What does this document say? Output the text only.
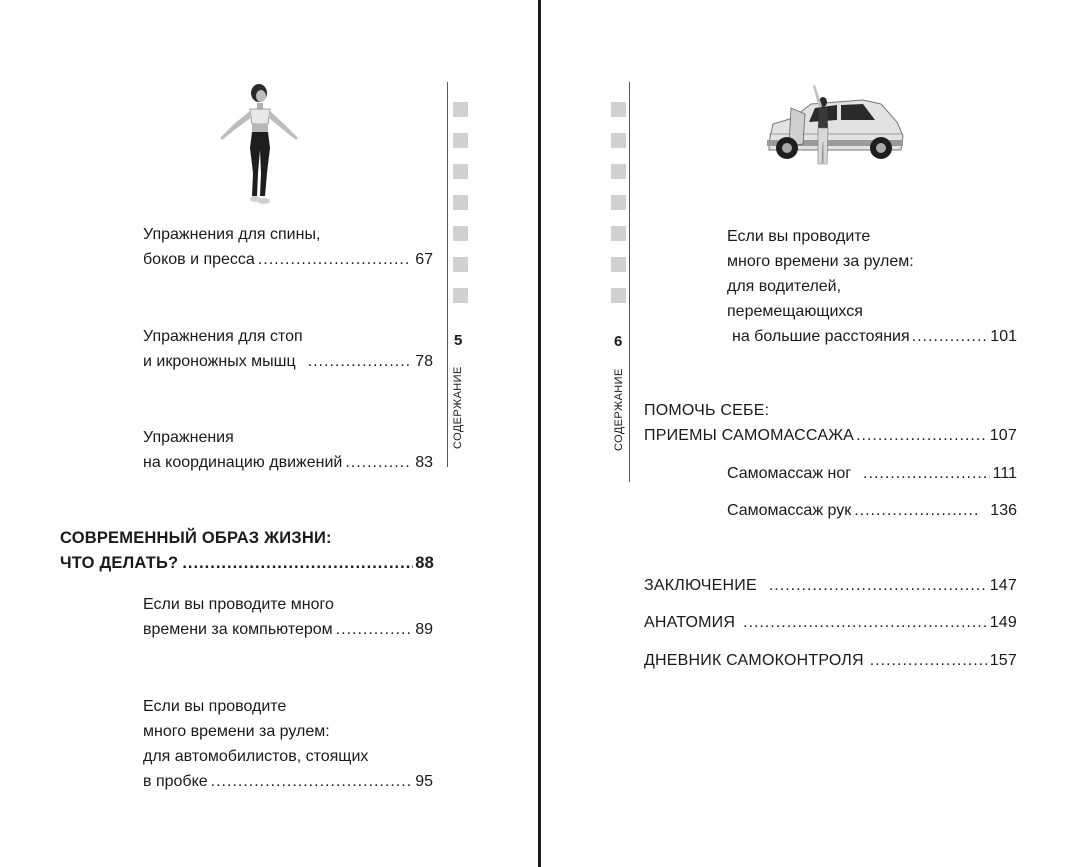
5
СОДЕРЖАНИЕ
Упражнения для спины,
боков и пресса .....	67
Упражнения для стоп
и икроножных мышц .....	78
Упражнения
на координацию движений .....	83
СОВРЕМЕННЫЙ ОБРАЗ ЖИЗНИ:
ЧТО ДЕЛАТЬ? .....	88
Если вы проводите много
времени за компьютером .....	89
Если вы проводите
много времени за рулем:
для автомобилистов, стоящих
в пробке .....	95
6
СОДЕРЖАНИЕ
Если вы проводите
много времени за рулем:
для водителей,
перемещающихся
на большие расстояния .....	101
ПОМОЧЬ СЕБЕ:
ПРИЕМЫ САМОМАССАЖА .....	107
Самомассаж ног .....	111
Самомассаж рук .....	136
ЗАКЛЮЧЕНИЕ .....	147
АНАТОМИЯ .....	149
ДНЕВНИК САМОКОНТРОЛЯ .....	157
